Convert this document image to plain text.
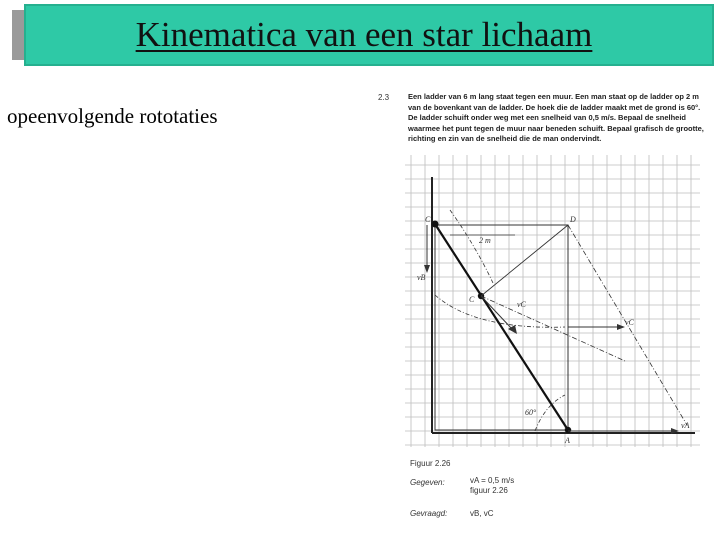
Kinematica van een star lichaam
opeenvolgende rototaties
2.3	Een ladder van 6 m lang staat tegen een muur. Een man staat op de ladder op 2 m van de bovenkant van de ladder. De hoek die de ladder maakt met de grond is 60°. De ladder schuift onder weg met een snelheid van 0,5 m/s. Bepaal de snelheid waarmee het punt tegen de muur naar beneden schuift. Bepaal grafisch de grootte, richting en zin van de snelheid die de man ondervindt.
C	D
C
A
2 m
vB
vC
vC
vA
60°
Figuur 2.26
Gegeven:	vA = 0,5 m/s
figuur 2.26
Gevraagd:	vB, vC
